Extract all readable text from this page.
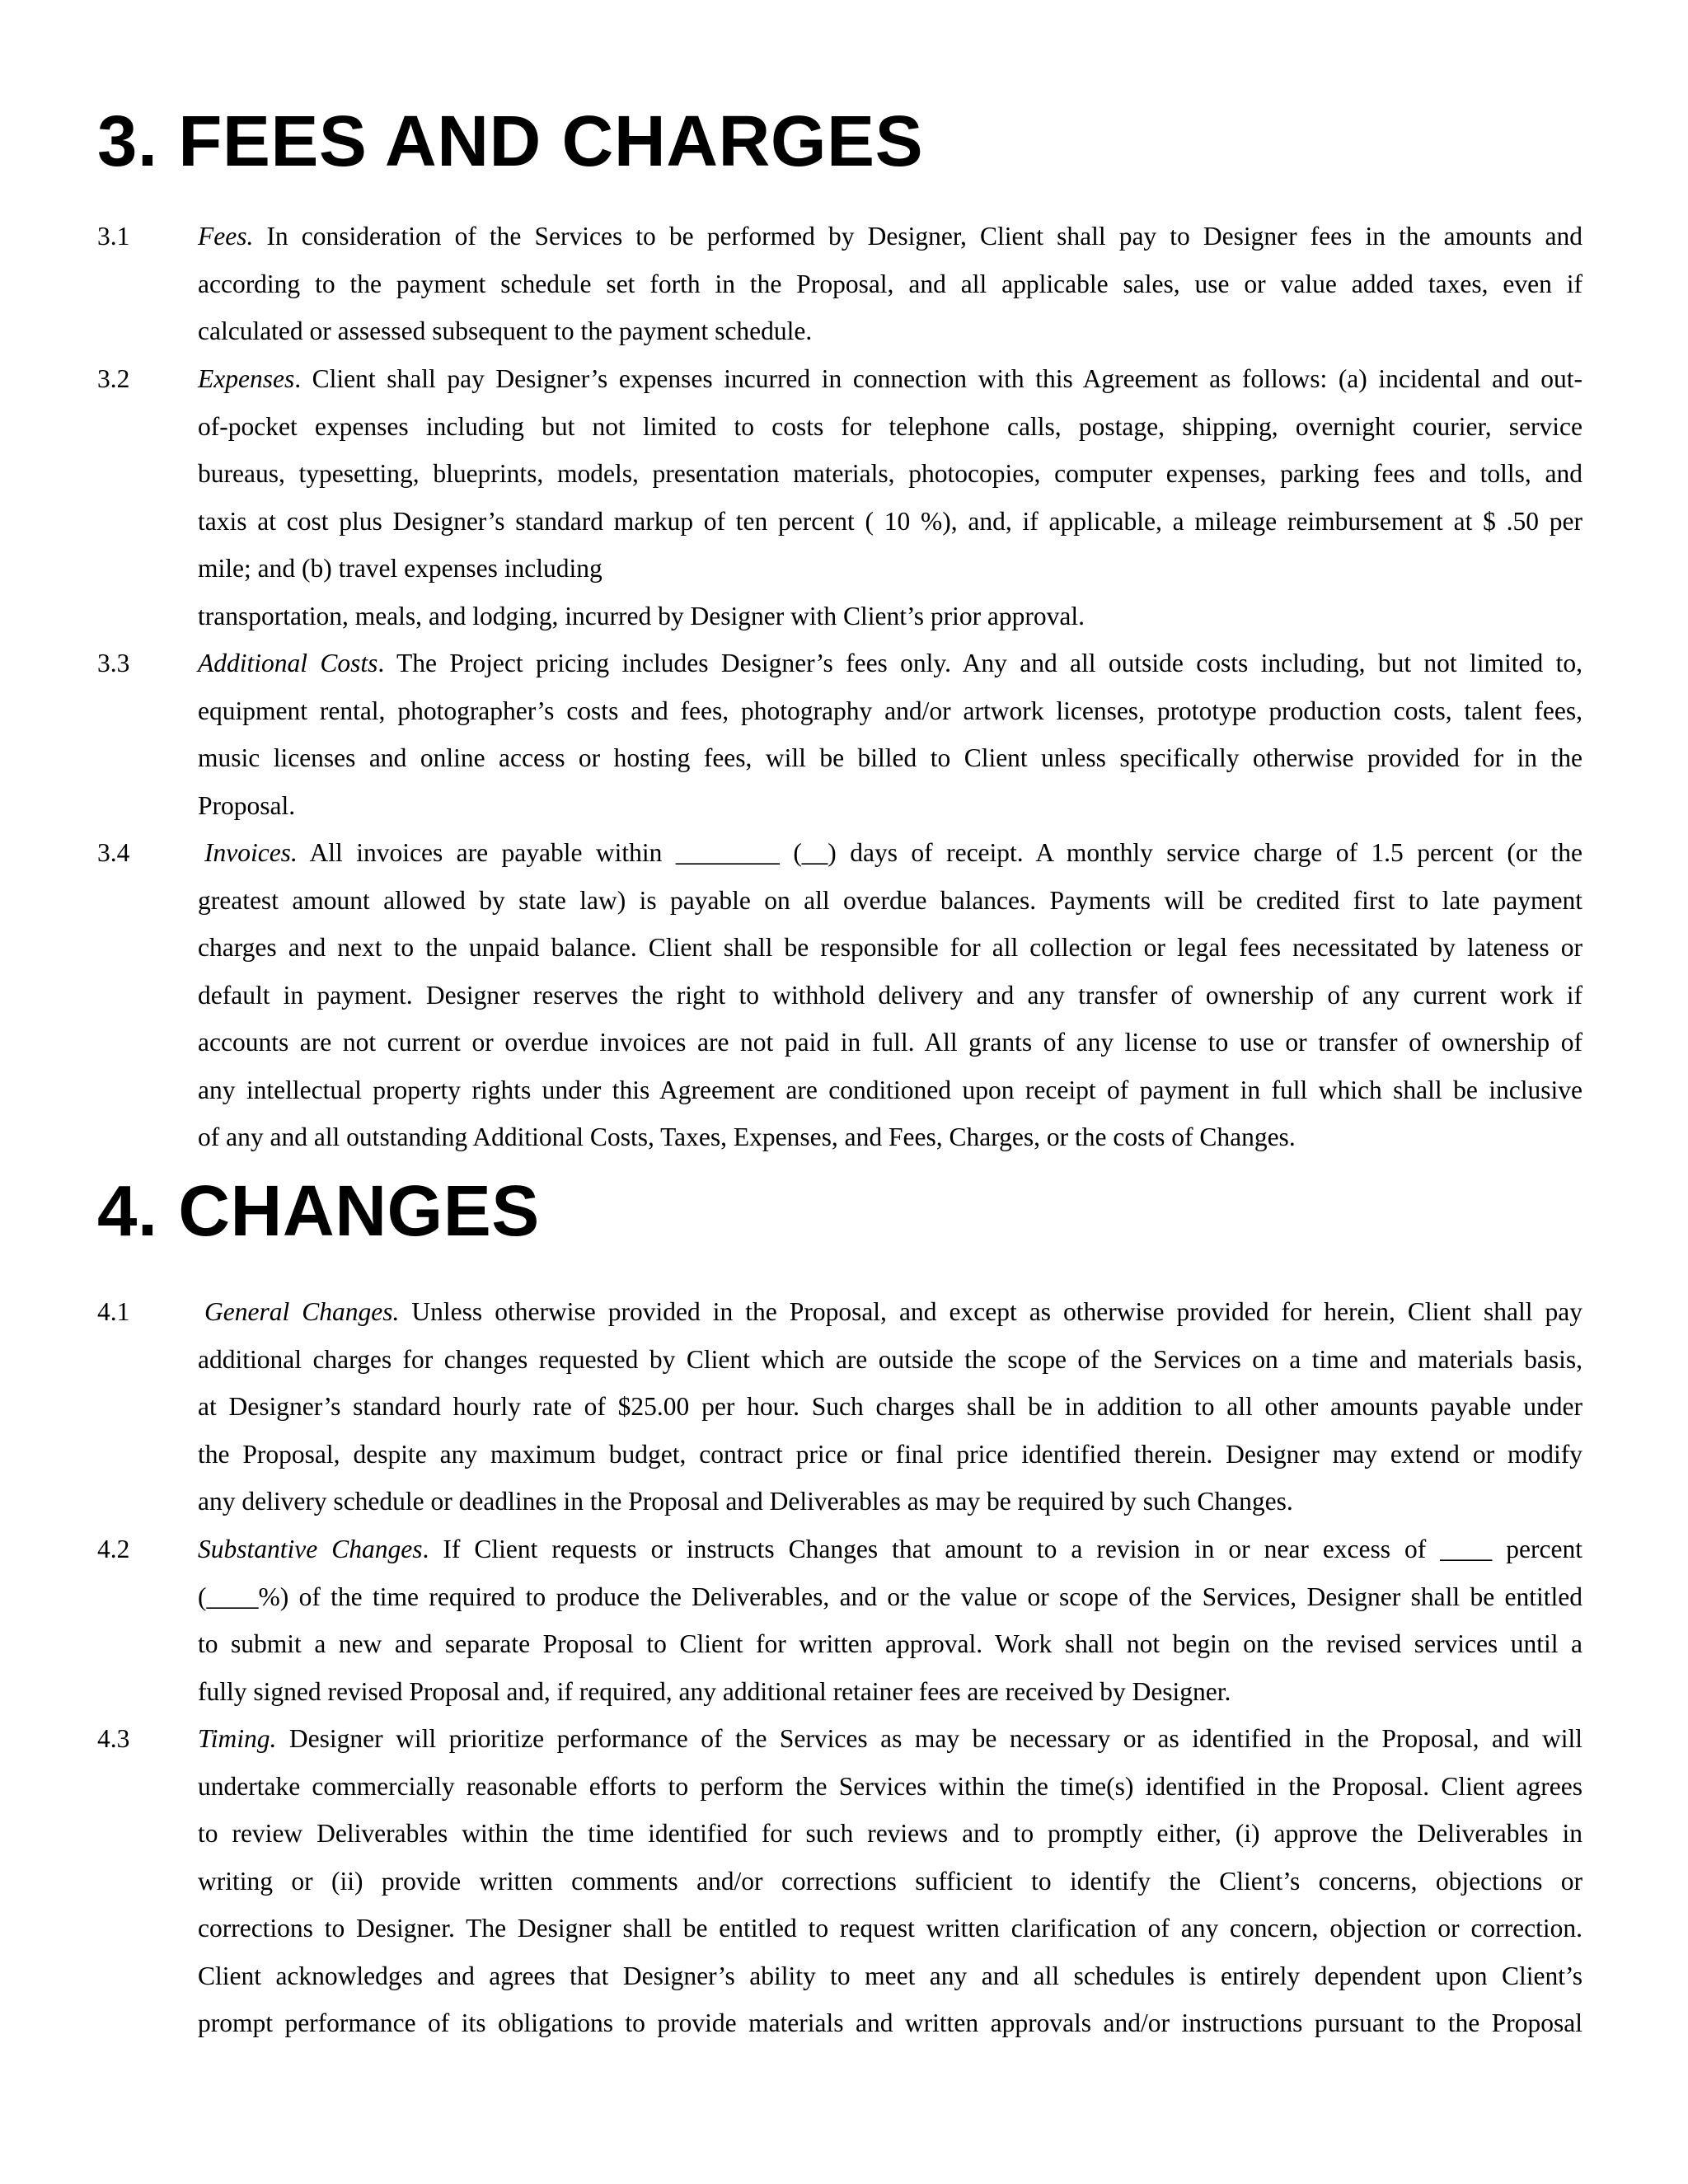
3. FEES AND CHARGES
3.1	Fees. In consideration of the Services to be performed by Designer, Client shall pay to Designer fees in the amounts and
according to the payment schedule set forth in the Proposal, and all applicable sales, use or value added taxes, even if
calculated or assessed subsequent to the payment schedule.
3.2	Expenses. Client shall pay Designer’s expenses incurred in connection with this Agreement as follows: (a) incidental and out-
of-pocket expenses including but not limited to costs for telephone calls, postage, shipping, overnight courier, service
bureaus, typesetting, blueprints, models, presentation materials, photocopies, computer expenses, parking fees and tolls, and
taxis at cost plus Designer’s standard markup of ten percent ( 10 %), and, if applicable, a mileage reimbursement at $ .50 per
mile; and (b) travel expenses including
transportation, meals, and lodging, incurred by Designer with Client’s prior approval.
3.3	Additional Costs. The Project pricing includes Designer’s fees only. Any and all outside costs including, but not limited to,
equipment rental, photographer’s costs and fees, photography and/or artwork licenses, prototype production costs, talent fees,
music licenses and online access or hosting fees, will be billed to Client unless specifically otherwise provided for in the
Proposal.
3.4	Invoices. All invoices are payable within ________ (__) days of receipt. A monthly service charge of 1.5 percent (or the
greatest amount allowed by state law) is payable on all overdue balances. Payments will be credited first to late payment
charges and next to the unpaid balance. Client shall be responsible for all collection or legal fees necessitated by lateness or
default in payment. Designer reserves the right to withhold delivery and any transfer of ownership of any current work if
accounts are not current or overdue invoices are not paid in full. All grants of any license to use or transfer of ownership of
any intellectual property rights under this Agreement are conditioned upon receipt of payment in full which shall be inclusive
of any and all outstanding Additional Costs, Taxes, Expenses, and Fees, Charges, or the costs of Changes.
4. CHANGES
4.1	General Changes. Unless otherwise provided in the Proposal, and except as otherwise provided for herein, Client shall pay
additional charges for changes requested by Client which are outside the scope of the Services on a time and materials basis,
at Designer’s standard hourly rate of $25.00 per hour. Such charges shall be in addition to all other amounts payable under
the Proposal, despite any maximum budget, contract price or final price identified therein. Designer may extend or modify
any delivery schedule or deadlines in the Proposal and Deliverables as may be required by such Changes.
4.2	Substantive Changes. If Client requests or instructs Changes that amount to a revision in or near excess of ____ percent
(____%) of the time required to produce the Deliverables, and or the value or scope of the Services, Designer shall be entitled
to submit a new and separate Proposal to Client for written approval. Work shall not begin on the revised services until a
fully signed revised Proposal and, if required, any additional retainer fees are received by Designer.
4.3	Timing. Designer will prioritize performance of the Services as may be necessary or as identified in the Proposal, and will
undertake commercially reasonable efforts to perform the Services within the time(s) identified in the Proposal. Client agrees
to review Deliverables within the time identified for such reviews and to promptly either, (i) approve the Deliverables in
writing or (ii) provide written comments and/or corrections sufficient to identify the Client’s concerns, objections or
corrections to Designer. The Designer shall be entitled to request written clarification of any concern, objection or correction.
Client acknowledges and agrees that Designer’s ability to meet any and all schedules is entirely dependent upon Client’s
prompt performance of its obligations to provide materials and written approvals and/or instructions pursuant to the Proposal
